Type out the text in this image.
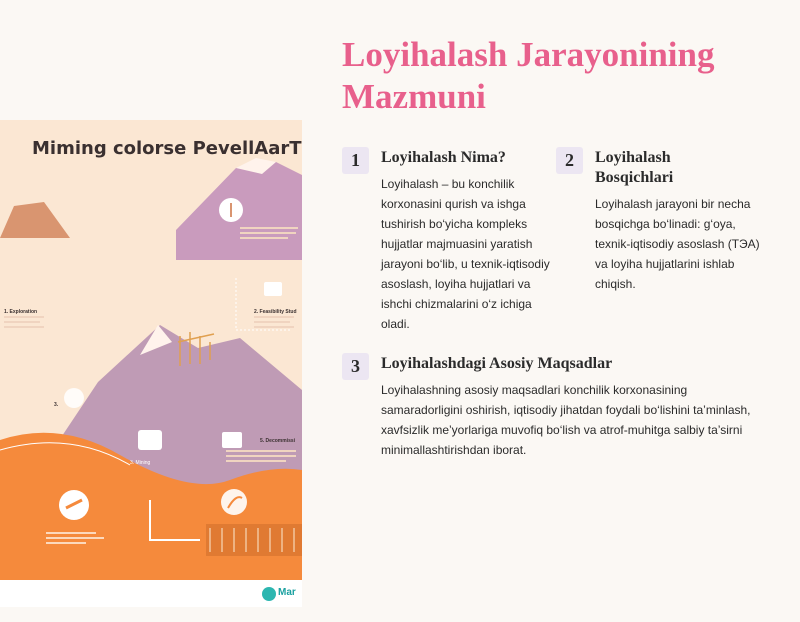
Loyihalash Jarayonining Mazmuni
Miming colorse PevellAarT
1. Exploration	2. Feasibility Stud
3.
5. Decommissi
3. Mining
Mar
1	Loyihalash Nima?
Loyihalash – bu konchilik korxonasini qurish va ishga tushirish bo‘yicha kompleks hujjatlar majmuasini yaratish jarayoni bo‘lib, u texnik-iqtisodiy asoslash, loyiha hujjatlari va ishchi chizmalarini o‘z ichiga oladi.
2	Loyihalash Bosqichlari
Loyihalash jarayoni bir necha bosqichga bo‘linadi: g‘oya, texnik-iqtisodiy asoslash (TЭA) va loyiha hujjatlarini ishlab chiqish.
3	Loyihalashdagi Asosiy Maqsadlar
Loyihalashning asosiy maqsadlari konchilik korxonasining samaradorligini oshirish, iqtisodiy jihatdan foydali bo‘lishini ta’minlash, xavfsizlik me’yorlariga muvofiq bo‘lish va atrof-muhitga salbiy ta’sirni minimallashtirishdan iborat.
